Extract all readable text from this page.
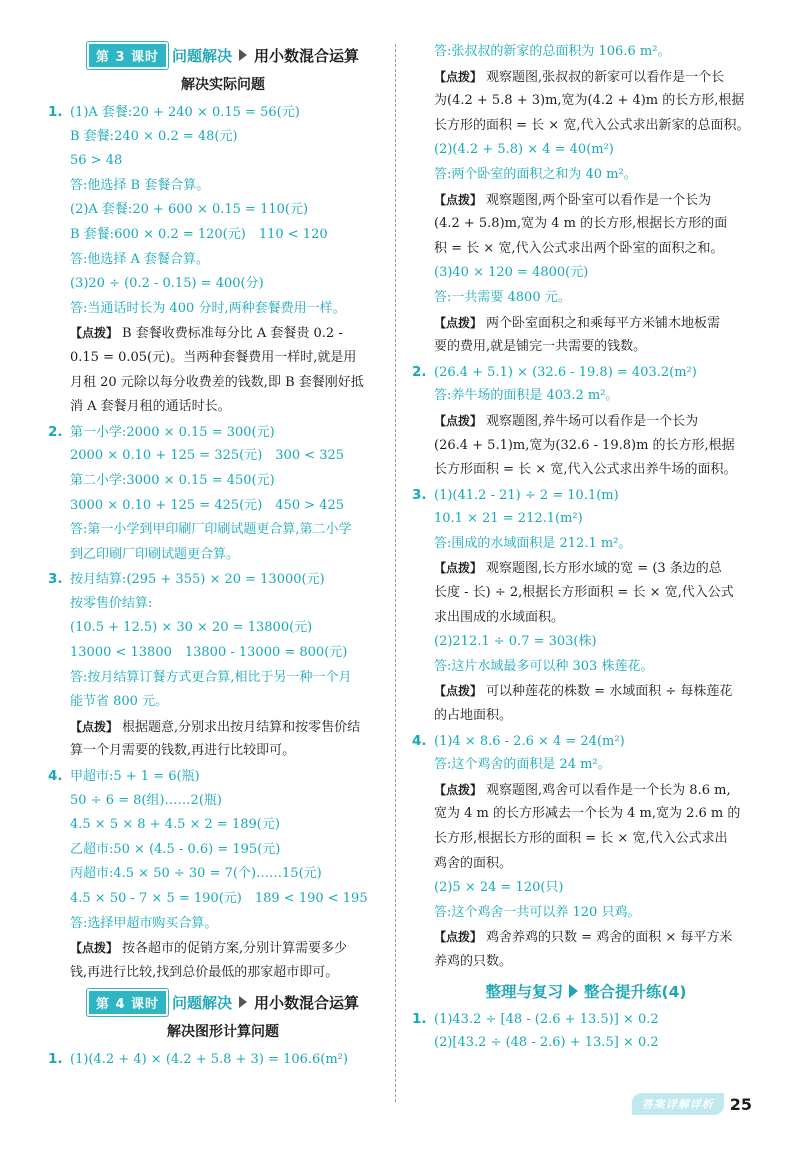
第 3 课时 问题解决 用小数混合运算
解决实际问题
1. (1)A 套餐:20 + 240 × 0.15 = 56(元)
B 套餐:240 × 0.2 = 48(元)
56 > 48
答:他选择 B 套餐合算。
(2)A 套餐:20 + 600 × 0.15 = 110(元)
B 套餐:600 × 0.2 = 120(元)　110 < 120
答:他选择 A 套餐合算。
(3)20 ÷ (0.2 - 0.15) = 400(分)
答:当通话时长为 400 分时,两种套餐费用一样。
【点拨】 B 套餐收费标准每分比 A 套餐贵 0.2 -
0.15 = 0.05(元)。当两种套餐费用一样时,就是用
月租 20 元除以每分收费差的钱数,即 B 套餐刚好抵
消 A 套餐月租的通话时长。
2. 第一小学:2000 × 0.15 = 300(元)
2000 × 0.10 + 125 = 325(元)　300 < 325
第二小学:3000 × 0.15 = 450(元)
3000 × 0.10 + 125 = 425(元)　450 > 425
答:第一小学到甲印刷厂印刷试题更合算,第二小学
到乙印刷厂印刷试题更合算。
3. 按月结算:(295 + 355) × 20 = 13000(元)
按零售价结算:
(10.5 + 12.5) × 30 × 20 = 13800(元)
13000 < 13800　13800 - 13000 = 800(元)
答:按月结算订餐方式更合算,相比于另一种一个月
能节省 800 元。
【点拨】 根据题意,分别求出按月结算和按零售价结
算一个月需要的钱数,再进行比较即可。
4. 甲超市:5 + 1 = 6(瓶)
50 ÷ 6 = 8(组)……2(瓶)
4.5 × 5 × 8 + 4.5 × 2 = 189(元)
乙超市:50 × (4.5 - 0.6) = 195(元)
丙超市:4.5 × 50 ÷ 30 = 7(个)……15(元)
4.5 × 50 - 7 × 5 = 190(元)　189 < 190 < 195
答:选择甲超市购买合算。
【点拨】 按各超市的促销方案,分别计算需要多少
钱,再进行比较,找到总价最低的那家超市即可。
第 4 课时 问题解决 用小数混合运算
解决图形计算问题
1. (1)(4.2 + 4) × (4.2 + 5.8 + 3) = 106.6(m²)
答:张叔叔的新家的总面积为 106.6 m²。
【点拨】 观察题图,张叔叔的新家可以看作是一个长
为(4.2 + 5.8 + 3)m,宽为(4.2 + 4)m 的长方形,根据
长方形的面积 = 长 × 宽,代入公式求出新家的总面积。
(2)(4.2 + 5.8) × 4 = 40(m²)
答:两个卧室的面积之和为 40 m²。
【点拨】 观察题图,两个卧室可以看作是一个长为
(4.2 + 5.8)m,宽为 4 m 的长方形,根据长方形的面
积 = 长 × 宽,代入公式求出两个卧室的面积之和。
(3)40 × 120 = 4800(元)
答:一共需要 4800 元。
【点拨】 两个卧室面积之和乘每平方米铺木地板需
要的费用,就是铺完一共需要的钱数。
2. (26.4 + 5.1) × (32.6 - 19.8) = 403.2(m²)
答:养牛场的面积是 403.2 m²。
【点拨】 观察题图,养牛场可以看作是一个长为
(26.4 + 5.1)m,宽为(32.6 - 19.8)m 的长方形,根据
长方形面积 = 长 × 宽,代入公式求出养牛场的面积。
3. (1)(41.2 - 21) ÷ 2 = 10.1(m)
10.1 × 21 = 212.1(m²)
答:围成的水域面积是 212.1 m²。
【点拨】 观察题图,长方形水域的宽 = (3 条边的总
长度 - 长) ÷ 2,根据长方形面积 = 长 × 宽,代入公式
求出围成的水域面积。
(2)212.1 ÷ 0.7 = 303(株)
答:这片水域最多可以种 303 株莲花。
【点拨】 可以种莲花的株数 = 水域面积 ÷ 每株莲花
的占地面积。
4. (1)4 × 8.6 - 2.6 × 4 = 24(m²)
答:这个鸡舍的面积是 24 m²。
【点拨】 观察题图,鸡舍可以看作是一个长为 8.6 m,
宽为 4 m 的长方形减去一个长为 4 m,宽为 2.6 m 的
长方形,根据长方形的面积 = 长 × 宽,代入公式求出
鸡舍的面积。
(2)5 × 24 = 120(只)
答:这个鸡舍一共可以养 120 只鸡。
【点拨】 鸡舍养鸡的只数 = 鸡舍的面积 × 每平方米
养鸡的只数。
整理与复习 整合提升练(4)
1. (1)43.2 ÷ [48 - (2.6 + 13.5)] × 0.2
(2)[43.2 ÷ (48 - 2.6) + 13.5] × 0.2
答案详解详析	25
